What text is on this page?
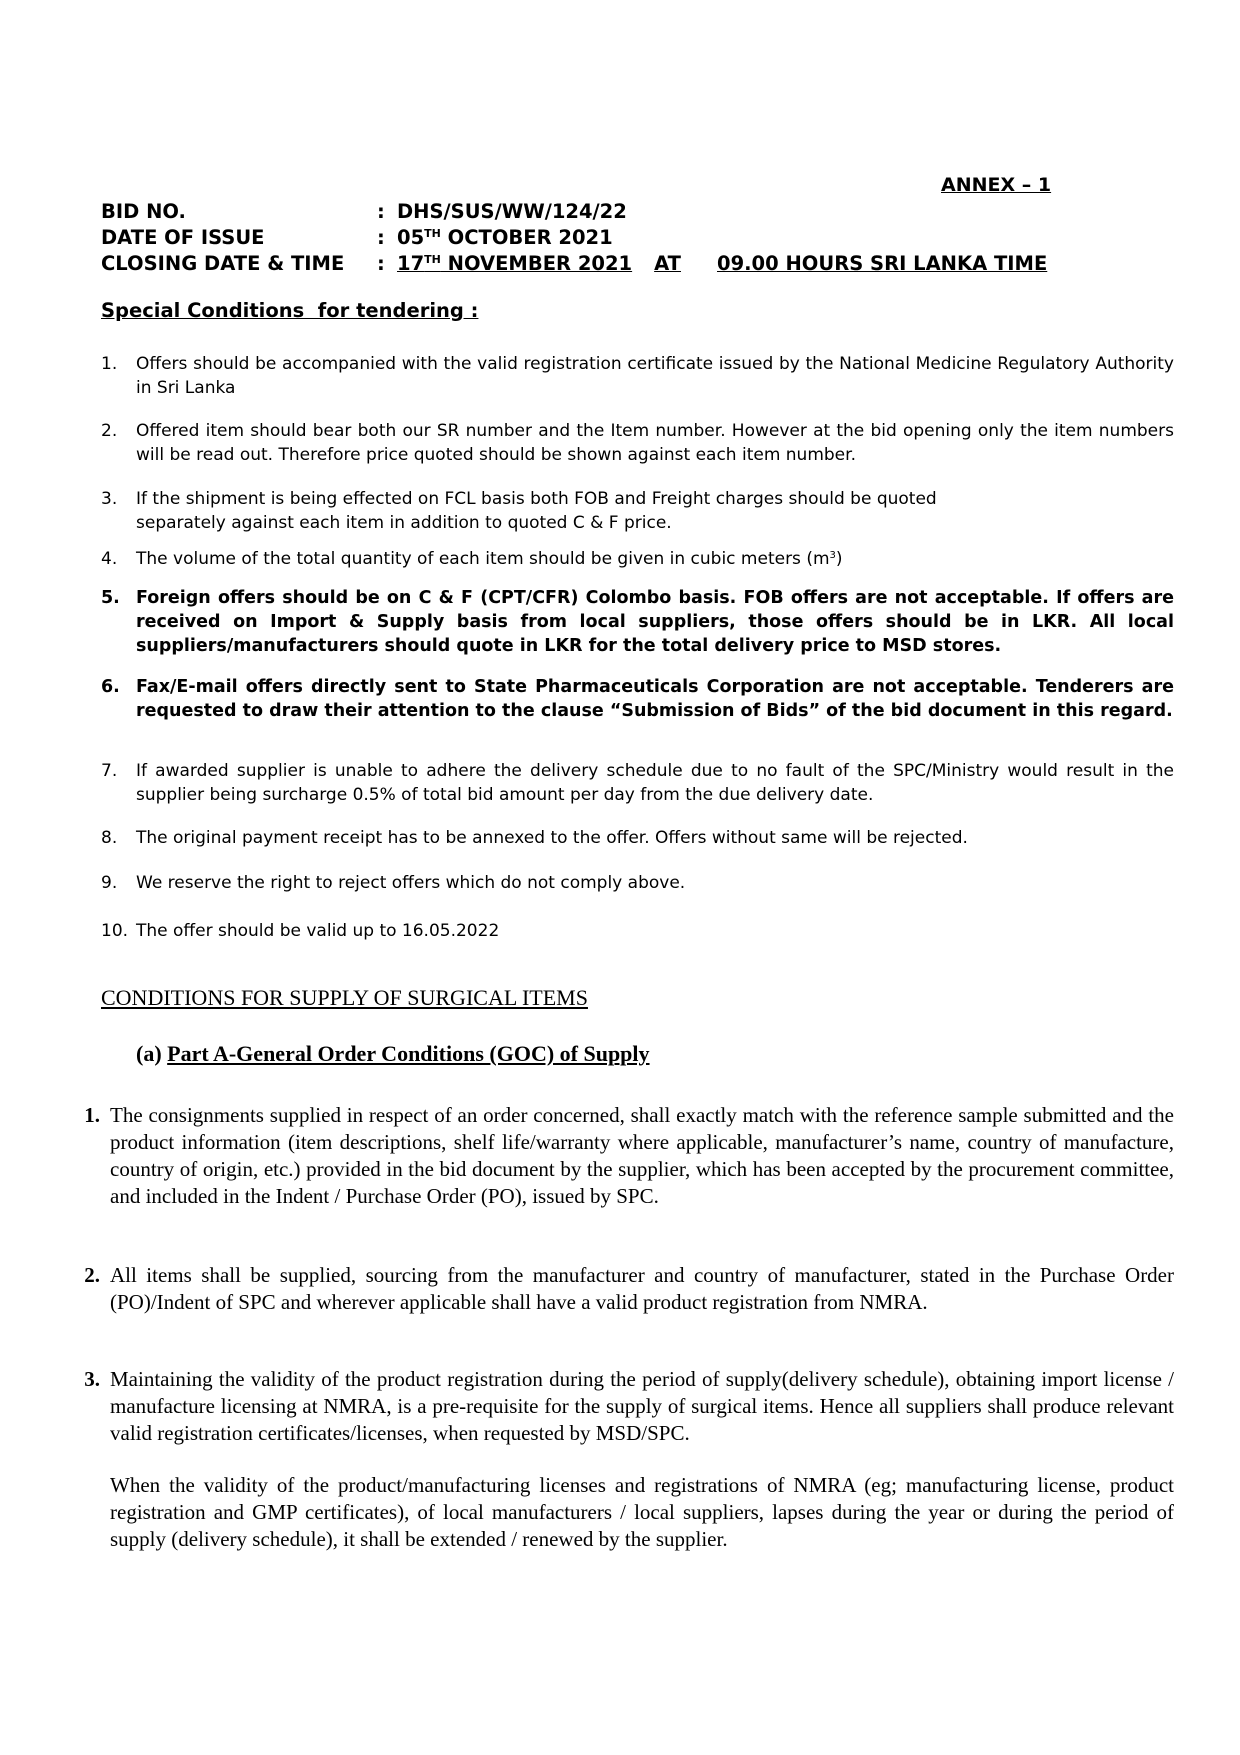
ANNEX – 1
BID NO.	: DHS/SUS/WW/124/22
DATE OF ISSUE	: 05TH OCTOBER 2021
CLOSING DATE & TIME : 17TH NOVEMBER 2021 AT 09.00 HOURS SRI LANKA TIME
Special Conditions  for tendering :
1.	Offers should be accompanied with the valid registration certificate issued by the National Medicine Regulatory Authority in Sri Lanka
2.	Offered item should bear both our SR number and the Item number. However at the bid opening only the item numbers will be read out. Therefore price quoted should be shown against each item number.
3.	If the shipment is being effected on FCL basis both FOB and Freight charges should be quoted separately against each item in addition to quoted C & F price.
4.	The volume of the total quantity of each item should be given in cubic meters $(m^3)$
5. Foreign offers should be on C & F (CPT/CFR) Colombo basis. FOB offers are not acceptable. If offers are received on Import & Supply basis from local suppliers, those offers should be in LKR. All local suppliers/manufacturers should quote in LKR for the total delivery price to MSD stores.
6. Fax/E-mail offers directly sent to State Pharmaceuticals Corporation are not acceptable. Tenderers are requested to draw their attention to the clause “Submission of Bids” of the bid document in this regard.
7.	If awarded supplier is unable to adhere the delivery schedule due to no fault of the SPC/Ministry would result in the supplier being surcharge 0.5% of total bid amount per day from the due delivery date.
8.	The original payment receipt has to be annexed to the offer. Offers without same will be rejected.
9.	We reserve the right to reject offers which do not comply above.
10. The offer should be valid up to 16.05.2022
CONDITIONS FOR SUPPLY OF SURGICAL ITEMS
(a) Part A-General Order Conditions (GOC) of Supply
1. The consignments supplied in respect of an order concerned, shall exactly match with the reference sample submitted and the product information (item descriptions, shelf life/warranty where applicable, manufacturer’s name, country of manufacture, country of origin, etc.) provided in the bid document by the supplier, which has been accepted by the procurement committee, and included in the Indent / Purchase Order (PO), issued by SPC.
2. All items shall be supplied, sourcing from the manufacturer and country of manufacturer, stated in the Purchase Order (PO)/Indent of SPC and wherever applicable shall have a valid product registration from NMRA.
3. Maintaining the validity of the product registration during the period of supply(delivery schedule), obtaining import license / manufacture licensing at NMRA, is a pre-requisite for the supply of surgical items. Hence all suppliers shall produce relevant valid registration certificates/licenses, when requested by MSD/SPC.
When the validity of the product/manufacturing licenses and registrations of NMRA (eg; manufacturing license, product registration and GMP certificates), of local manufacturers / local suppliers, lapses during the year or during the period of supply (delivery schedule), it shall be extended / renewed by the supplier.
